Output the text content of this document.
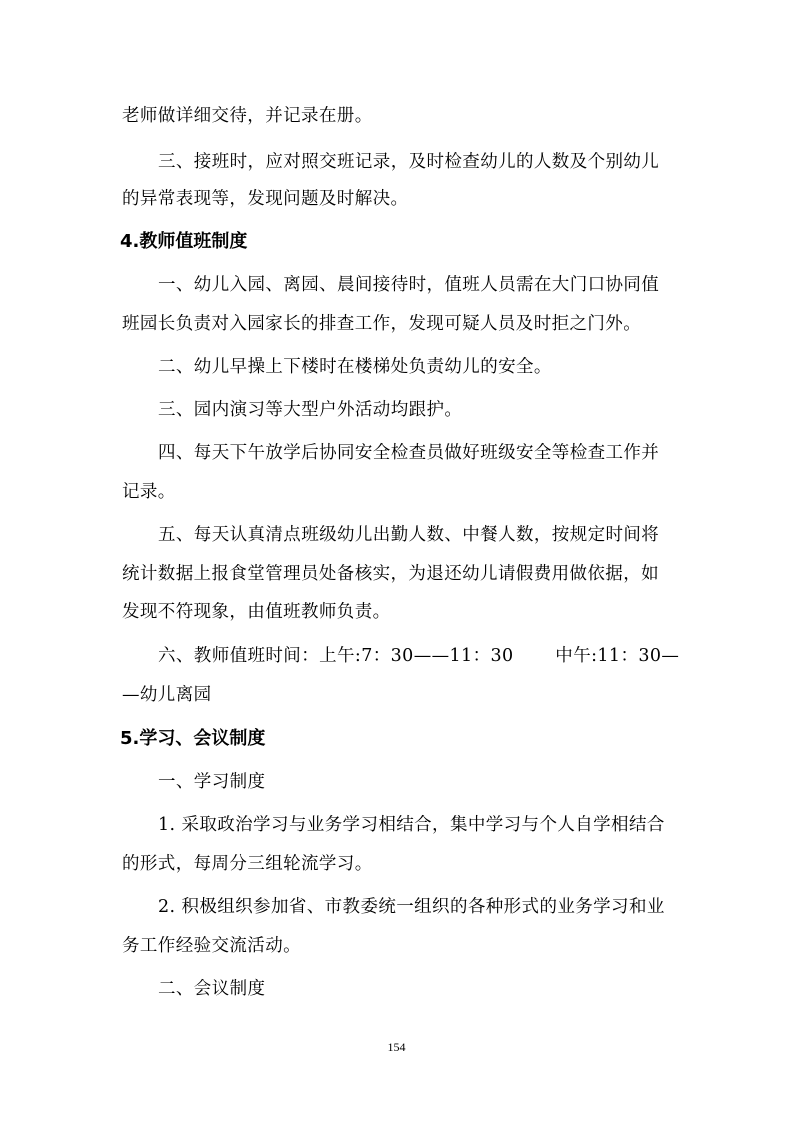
老师做详细交待，并记录在册。
三、接班时，应对照交班记录，及时检查幼儿的人数及个别幼儿
的异常表现等，发现问题及时解决。
4.教师值班制度
一、幼儿入园、离园、晨间接待时，值班人员需在大门口协同值
班园长负责对入园家长的排查工作，发现可疑人员及时拒之门外。
二、幼儿早操上下楼时在楼梯处负责幼儿的安全。
三、园内演习等大型户外活动均跟护。
四、每天下午放学后协同安全检查员做好班级安全等检查工作并
记录。
五、每天认真清点班级幼儿出勤人数、中餐人数，按规定时间将
统计数据上报食堂管理员处备核实，为退还幼儿请假费用做依据，如
发现不符现象，由值班教师负责。
六、教师值班时间：上午:7：30——11：30　　 中午:11：30—
—幼儿离园
5.学习、会议制度
一、学习制度
1. 采取政治学习与业务学习相结合，集中学习与个人自学相结合
的形式，每周分三组轮流学习。
2. 积极组织参加省、市教委统一组织的各种形式的业务学习和业
务工作经验交流活动。
二、会议制度
154
